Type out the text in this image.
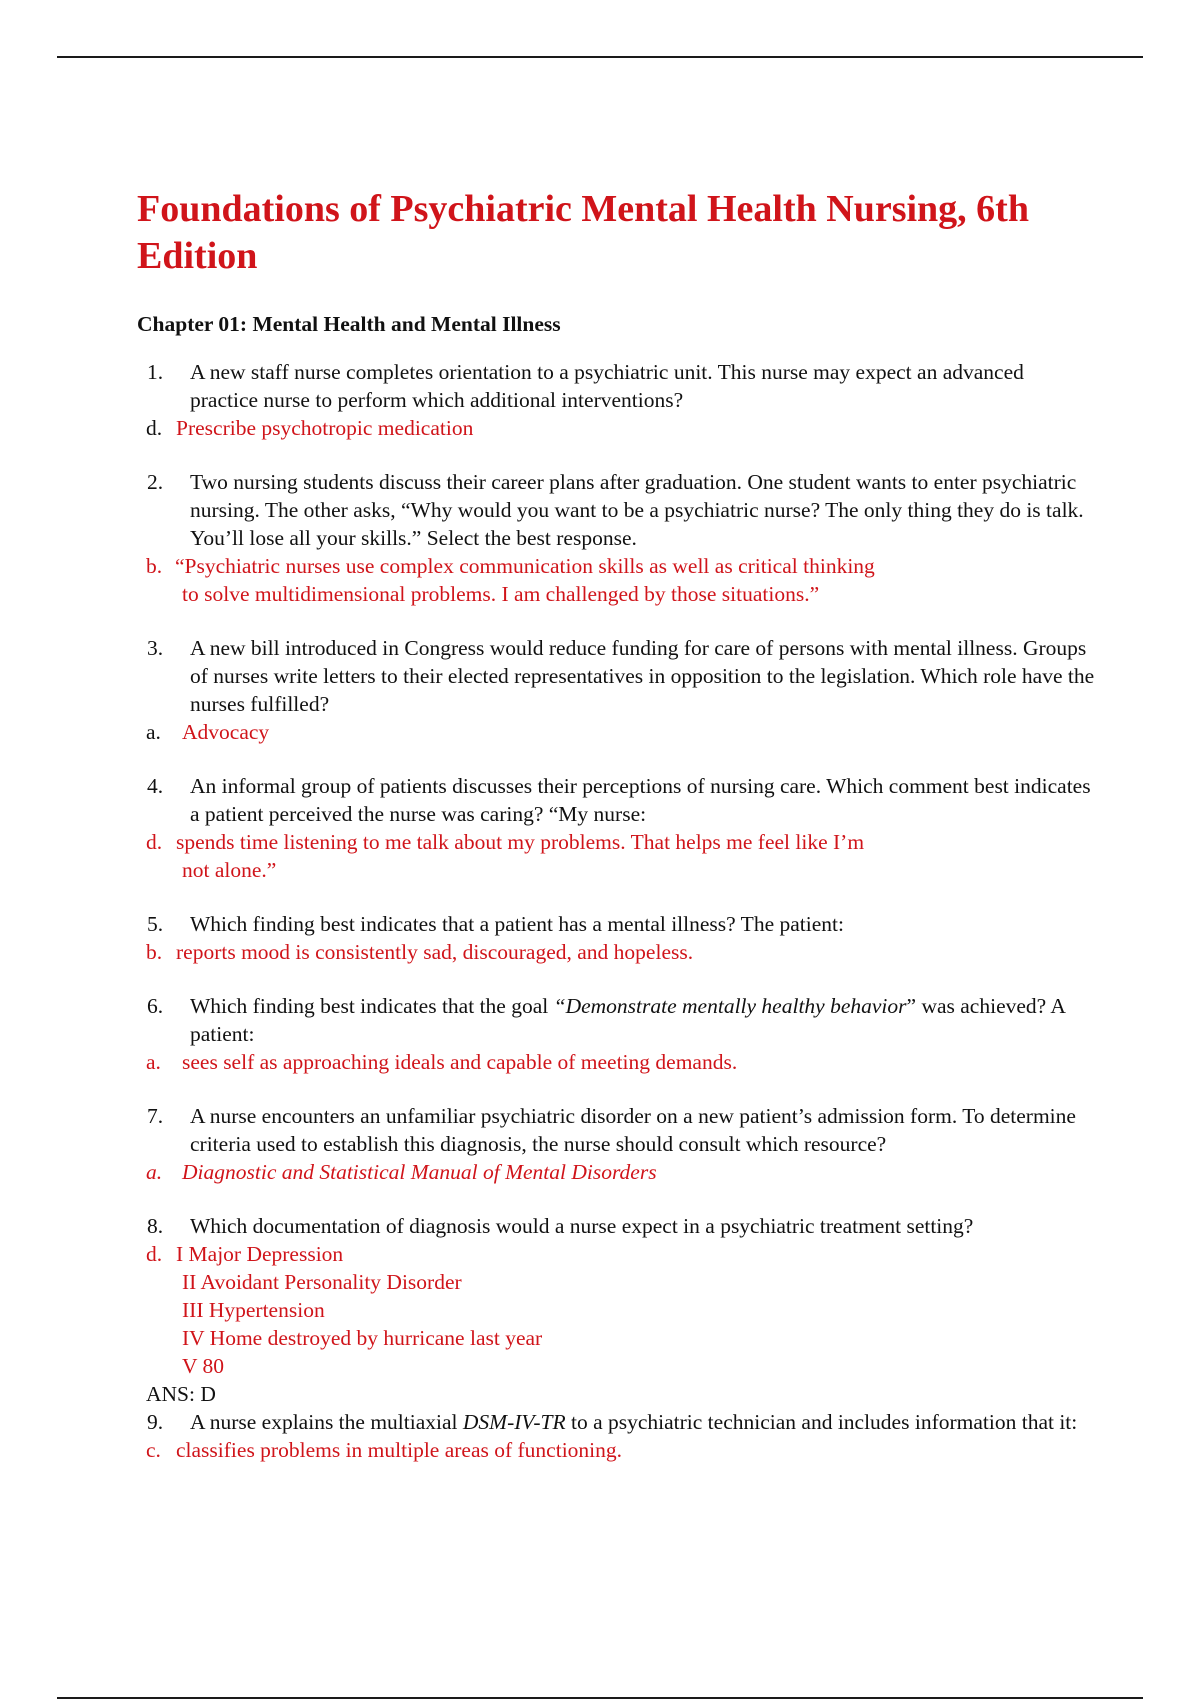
Foundations of Psychiatric Mental Health Nursing, 6th Edition
Chapter 01: Mental Health and Mental Illness
1. A new staff nurse completes orientation to a psychiatric unit. This nurse may expect an advanced practice nurse to perform which additional interventions?
d. Prescribe psychotropic medication
2. Two nursing students discuss their career plans after graduation. One student wants to enter psychiatric nursing. The other asks, “Why would you want to be a psychiatric nurse? The only thing they do is talk. You’ll lose all your skills.” Select the best response.
b. “Psychiatric nurses use complex communication skills as well as critical thinking
to solve multidimensional problems. I am challenged by those situations.”
3. A new bill introduced in Congress would reduce funding for care of persons with mental illness. Groups of nurses write letters to their elected representatives in opposition to the legislation. Which role have the nurses fulfilled?
a. Advocacy
4. An informal group of patients discusses their perceptions of nursing care. Which comment best indicates a patient perceived the nurse was caring? “My nurse:
d. spends time listening to me talk about my problems. That helps me feel like I’m
not alone.”
5. Which finding best indicates that a patient has a mental illness? The patient:
b. reports mood is consistently sad, discouraged, and hopeless.
6. Which finding best indicates that the goal “Demonstrate mentally healthy behavior” was achieved? A patient:
a. sees self as approaching ideals and capable of meeting demands.
7. A nurse encounters an unfamiliar psychiatric disorder on a new patient’s admission form. To determine criteria used to establish this diagnosis, the nurse should consult which resource?
a. Diagnostic and Statistical Manual of Mental Disorders
8. Which documentation of diagnosis would a nurse expect in a psychiatric treatment setting?
d. I Major Depression
II Avoidant Personality Disorder
III Hypertension
IV Home destroyed by hurricane last year
V 80
ANS: D
9. A nurse explains the multiaxial DSM-IV-TR to a psychiatric technician and includes information that it:
c. classifies problems in multiple areas of functioning.
